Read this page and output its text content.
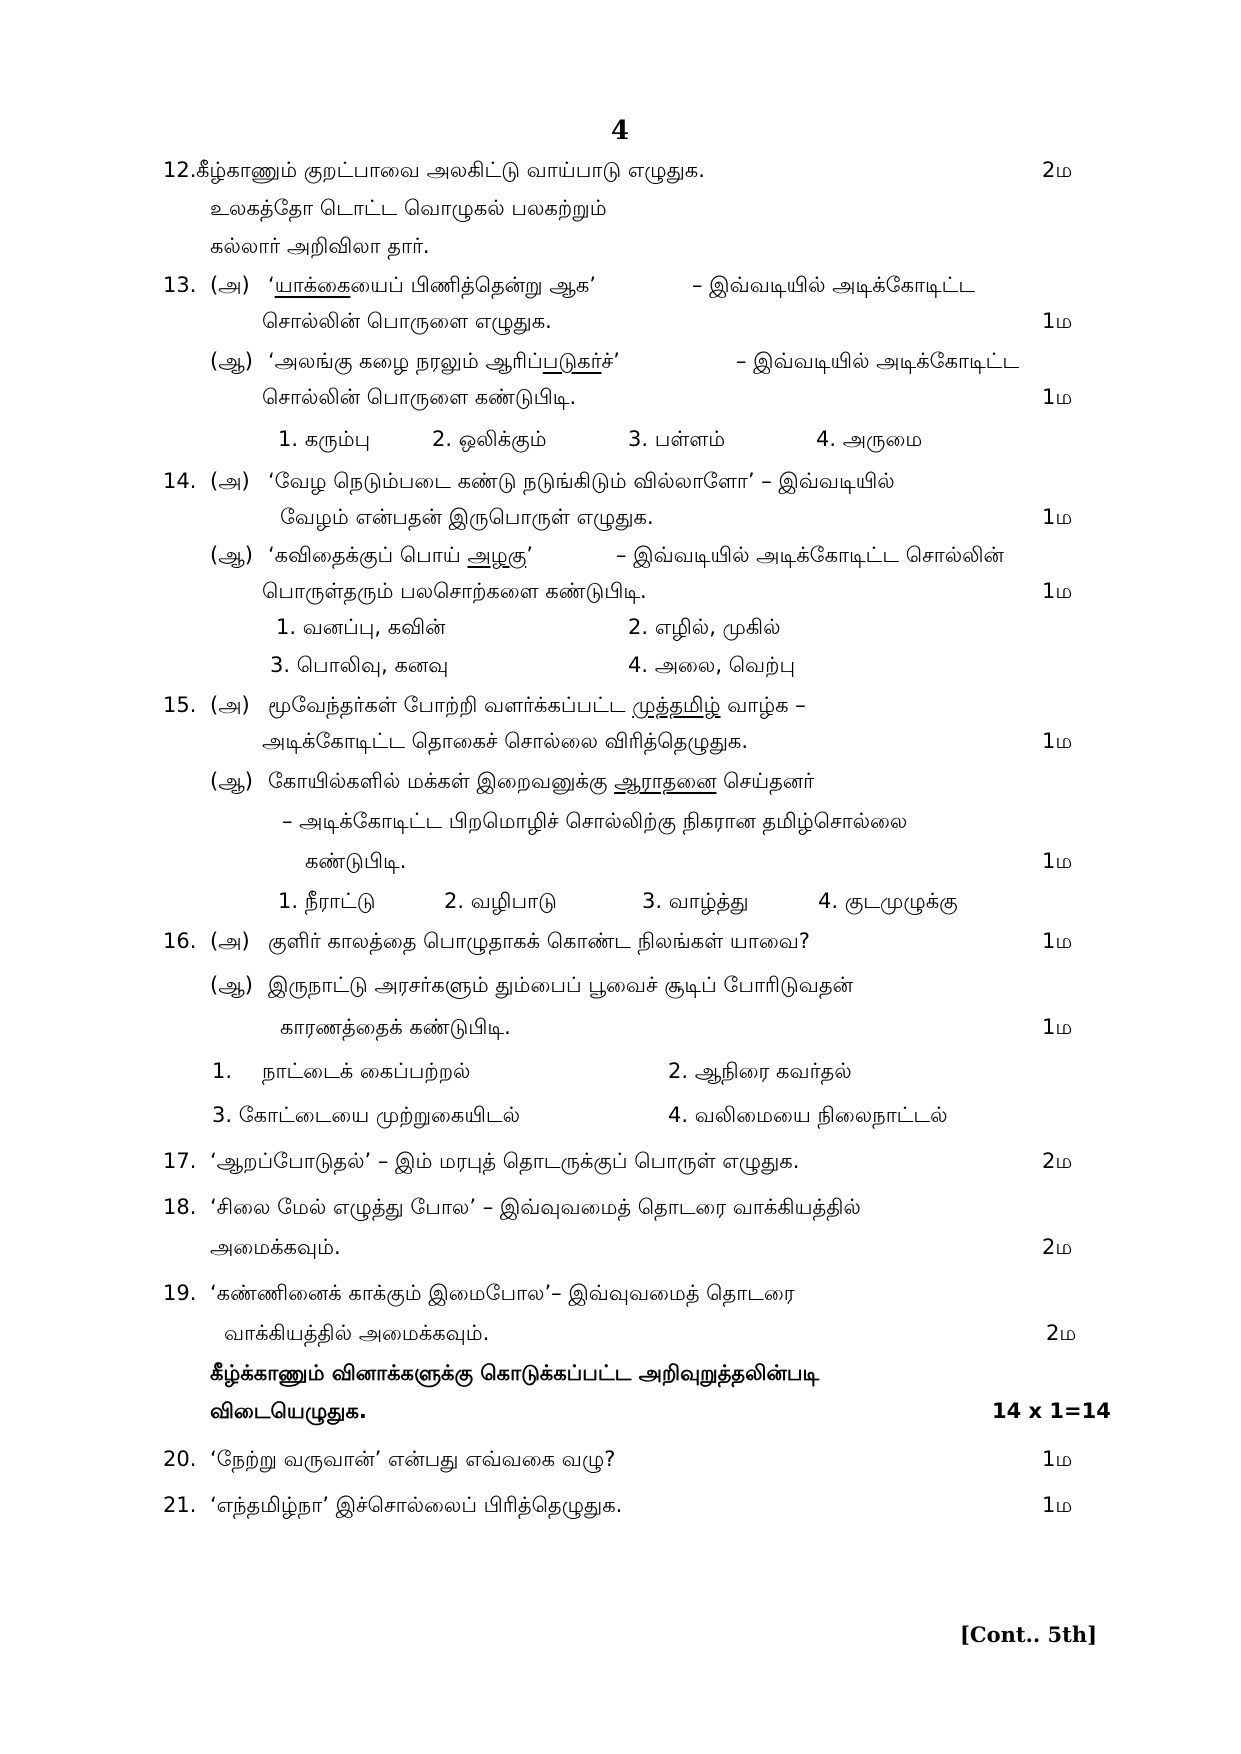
4
12. கீழ்காணும் குறட்பாவை அலகிட்டு வாய்பாடு எழுதுக.	2ம
உலகத்தோ டொட்ட வொழுகல் பலகற்றும்
கல்லார் அறிவிலா தார்.
13. (அ) ‘யாக்கையைப் பிணித்தென்று ஆக’	– இவ்வடியில் அடிக்கோடிட்ட
சொல்லின் பொருளை எழுதுக.	1ம
(ஆ) ‘அலங்கு கழை நரலும் ஆரிப்படுகர்ச்’	– இவ்வடியில் அடிக்கோடிட்ட
சொல்லின் பொருளை கண்டுபிடி.	1ம
1. கரும்பு	2. ஒலிக்கும்	3. பள்ளம்	4. அருமை
14. (அ) ‘வேழ நெடும்படை கண்டு நடுங்கிடும் வில்லாளோ’ – இவ்வடியில்
வேழம் என்பதன் இருபொருள் எழுதுக.	1ம
(ஆ) ‘கவிதைக்குப் பொய் அழகு’	– இவ்வடியில் அடிக்கோடிட்ட சொல்லின்
பொருள்தரும் பலசொற்களை கண்டுபிடி.	1ம
1. வனப்பு, கவின்	2. எழில், முகில்
3. பொலிவு, கனவு	4. அலை, வெற்பு
15. (அ) மூவேந்தர்கள் போற்றி வளர்க்கப்பட்ட முத்தமிழ் வாழ்க –
அடிக்கோடிட்ட தொகைச் சொல்லை விரித்தெழுதுக.	1ம
(ஆ) கோயில்களில் மக்கள் இறைவனுக்கு ஆராதனை செய்தனர்
– அடிக்கோடிட்ட பிறமொழிச் சொல்லிற்கு நிகரான தமிழ்சொல்லை
கண்டுபிடி.	1ம
1. நீராட்டு	2. வழிபாடு	3. வாழ்த்து	4. குடமுழுக்கு
16. (அ) குளிர் காலத்தை பொழுதாகக் கொண்ட நிலங்கள் யாவை?	1ம
(ஆ) இருநாட்டு அரசர்களும் தும்பைப் பூவைச் சூடிப் போரிடுவதன்
காரணத்தைக் கண்டுபிடி.	1ம
1. நாட்டைக் கைப்பற்றல்	2. ஆநிரை கவர்தல்
3. கோட்டையை முற்றுகையிடல்	4. வலிமையை நிலைநாட்டல்
17. ‘ஆறப்போடுதல்’ – இம் மரபுத் தொடருக்குப் பொருள் எழுதுக.	2ம
18. ‘சிலை மேல் எழுத்து போல’ – இவ்வுவமைத் தொடரை வாக்கியத்தில்
அமைக்கவும்.	2ம
19. ‘கண்ணினைக் காக்கும் இமைபோல’– இவ்வுவமைத் தொடரை
வாக்கியத்தில் அமைக்கவும்.	2ம
கீழ்க்காணும் வினாக்களுக்கு கொடுக்கப்பட்ட அறிவுறுத்தலின்படி
விடையெழுதுக.	14 x 1=14
20. ‘நேற்று வருவான்’ என்பது எவ்வகை வழு?	1ம
21. ‘எந்தமிழ்நா’ இச்சொல்லைப் பிரித்தெழுதுக.	1ம
[Cont.. 5th]
